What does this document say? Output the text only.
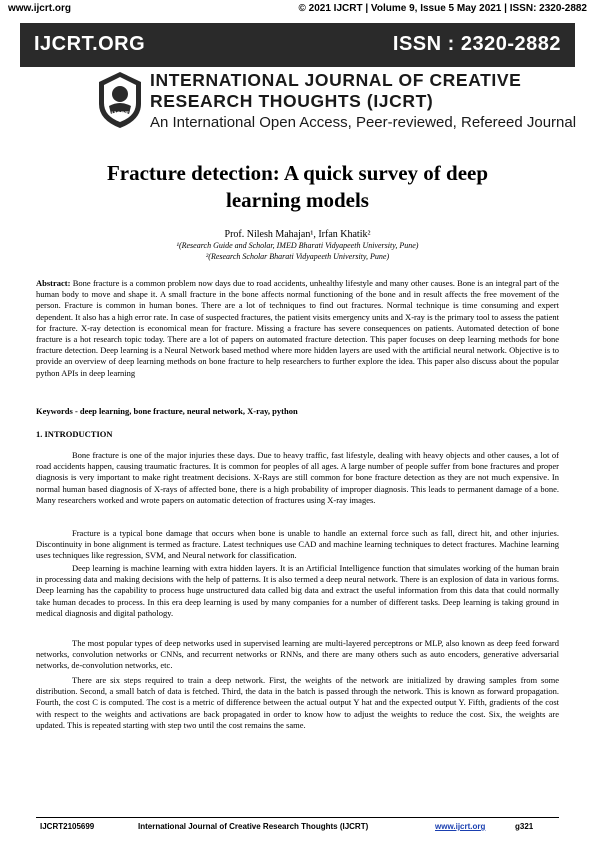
www.ijcrt.org	© 2021 IJCRT | Volume 9, Issue 5 May 2021 | ISSN: 2320-2882
IJCRT.ORG	ISSN : 2320-2882
IJCRT
INTERNATIONAL JOURNAL OF CREATIVE
RESEARCH THOUGHTS (IJCRT)
An International Open Access, Peer-reviewed, Refereed Journal
Fracture detection: A quick survey of deep
learning models
Prof. Nilesh Mahajan¹, Irfan Khatik²
¹(Research Guide and Scholar, IMED Bharati Vidyapeeth University, Pune)
²(Research Scholar Bharati Vidyapeeth University, Pune)
Abstract: Bone fracture is a common problem now days due to road accidents, unhealthy lifestyle and many other causes. Bone is an integral part of the human body to move and shape it. A small fracture in the bone affects normal functioning of the bone and in result affects the free movement of the person. Fracture is common in human bones. There are a lot of techniques to find out fractures. Normal technique is time consuming and expert dependent. It also has a high error rate. In case of suspected fractures, the patient visits emergency units and X-ray is the primary tool to assess the patient for fracture. X-ray detection is economical mean for fracture. Missing a fracture has severe consequences on patients. Automated detection of bone fracture is a hot research topic today. There are a lot of papers on automated fracture detection. This paper focuses on deep learning methods for bone fracture detection. Deep learning is a Neural Network based method where more hidden layers are used with the artificial neural network. Objective is to provide an overview of deep learning methods on bone fracture to help researchers to further explore the idea. This paper also discuss about the popular python APIs in deep learning
Keywords - deep learning, bone fracture, neural network, X-ray, python
1. INTRODUCTION
Bone fracture is one of the major injuries these days. Due to heavy traffic, fast lifestyle, dealing with heavy objects and other causes, a lot of road accidents happen, causing traumatic fractures. It is common for peoples of all ages. A large number of people suffer from bone fractures and proper diagnosis is very important to make right treatment decisions. X-Rays are still common for bone fracture detection as they are not much expensive. In normal human based diagnosis of X-rays of affected bone, there is a high probability of improper diagnosis. This leads to permanent damage of a bone. Many researchers worked and wrote papers on automatic detection of fractures using X-ray images.
Fracture is a typical bone damage that occurs when bone is unable to handle an external force such as fall, direct hit, and other injuries. Discontinuity in bone alignment is termed as fracture. Latest techniques use CAD and machine learning techniques to detect fractures. Machine learning uses techniques like regression, SVM, and Neural network for classification.
Deep learning is machine learning with extra hidden layers. It is an Artificial Intelligence function that simulates working of the human brain in processing data and making decisions with the help of patterns. It is also termed a deep neural network. There is an explosion of data in various forms. Deep learning has the capability to process huge unstructured data called big data and extract the useful information from this data that could normally take human decades to process. In this era deep learning is used by many companies for a number of different tasks. Deep learning is taking ground in medical diagnosis and digital pathology.
The most popular types of deep networks used in supervised learning are multi-layered perceptrons or MLP, also known as deep feed forward networks, convolution networks or CNNs, and recurrent networks or RNNs, and there are many others such as auto encoders, generative adversarial networks, de-convolution networks, etc.
There are six steps required to train a deep network. First, the weights of the network are initialized by drawing samples from some distribution. Second, a small batch of data is fetched. Third, the data in the batch is passed through the network. This is known as forward propagation. Fourth, the cost C is computed. The cost is a metric of difference between the actual output Y hat and the expected output Y. Fifth, gradients of the cost with respect to the weights and activations are back propagated in order to know how to adjust the weights to reduce the cost. Six, the weights are updated. This is repeated starting with step two until the cost remains the same.
IJCRT2105699	International Journal of Creative Research Thoughts (IJCRT)	www.ijcrt.org	g321
